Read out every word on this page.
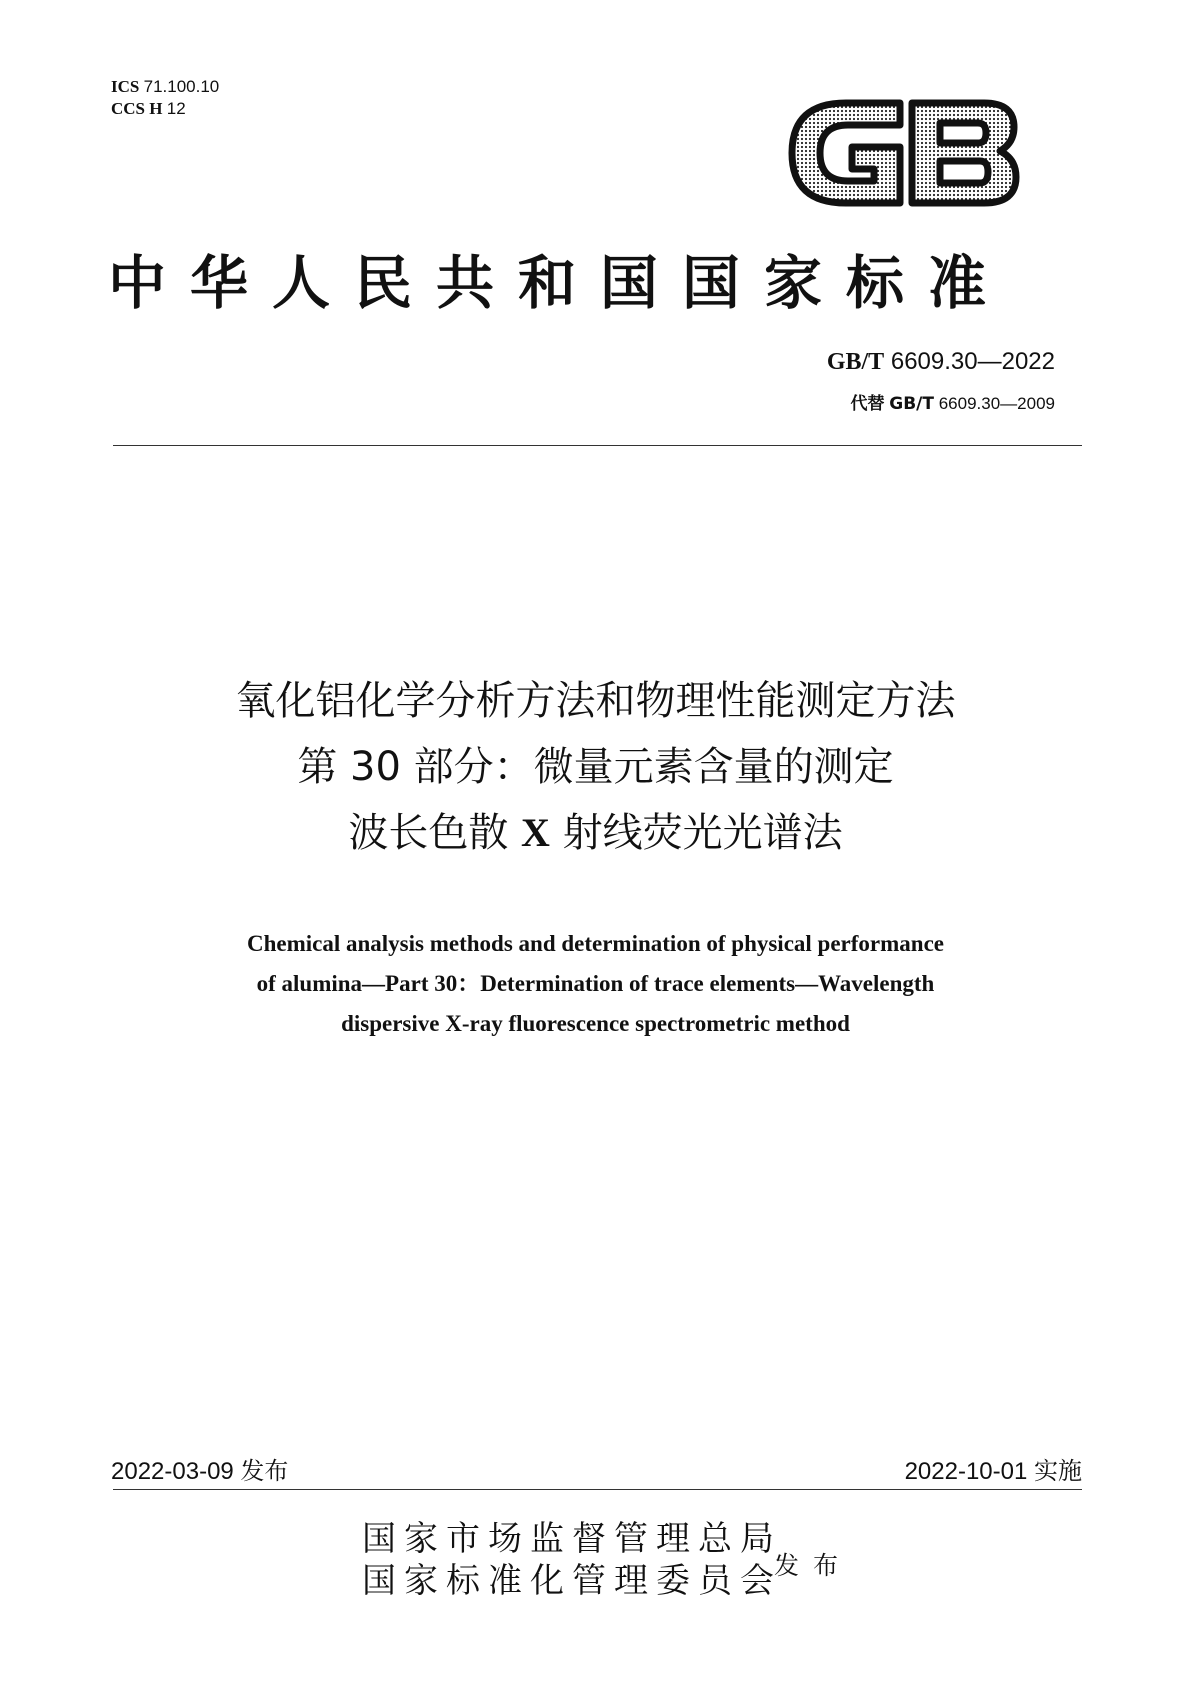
ICS 71.100.10
CCS H 12
中华人民共和国国家标准
GB/T 6609.30—2022
代替 GB/T 6609.30—2009
氧化铝化学分析方法和物理性能测定方法
第 30 部分：微量元素含量的测定
波长色散 X 射线荧光光谱法
Chemical analysis methods and determination of physical performance
of alumina—Part 30：Determination of trace elements—Wavelength
dispersive X-ray fluorescence spectrometric method
2022-03-09 发布	2022-10-01 实施
国家市场监督管理总局
国家标准化管理委员会
发布
